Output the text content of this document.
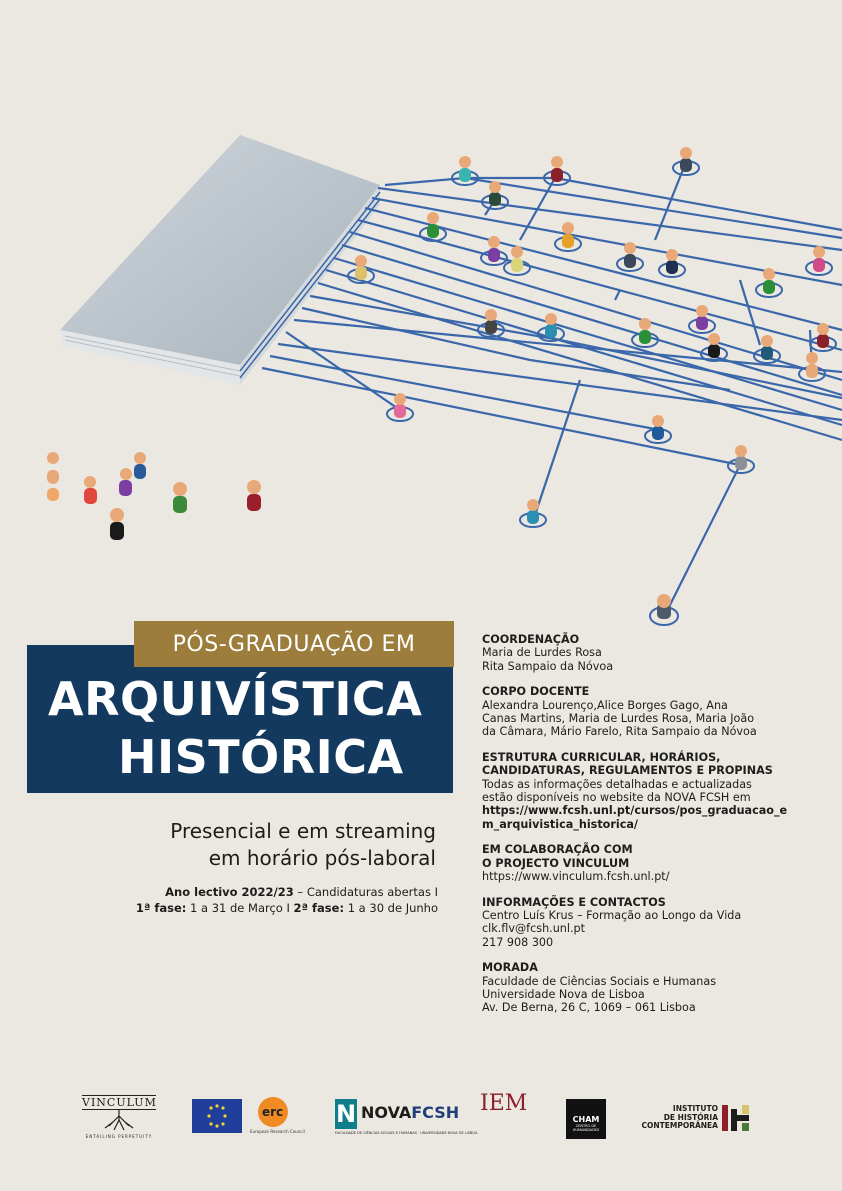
PÓS-GRADUAÇÃO EM
ARQUIVÍSTICA
HISTÓRICA
Presencial e em streaming
em horário pós-laboral
Ano lectivo 2022/23 – Candidaturas abertas I
1ª fase: 1 a 31 de Março I 2ª fase: 1 a 30 de Junho
COORDENAÇÃO
Maria de Lurdes Rosa
Rita Sampaio da Nóvoa
CORPO DOCENTE
Alexandra Lourenço,Alice Borges Gago, Ana
Canas Martins, Maria de Lurdes Rosa, Maria João
da Câmara, Mário Farelo, Rita Sampaio da Nóvoa
ESTRUTURA CURRICULAR, HORÁRIOS,
CANDIDATURAS, REGULAMENTOS E PROPINAS
Todas as informações detalhadas e actualizadas
estão disponíveis no website da NOVA FCSH em
https://www.fcsh.unl.pt/cursos/pos_graduacao_e
m_arquivistica_historica/
EM COLABORAÇÃO COM
O PROJECTO VINCULUM
https://www.vinculum.fcsh.unl.pt/
INFORMAÇÕES E CONTACTOS
Centro Luís Krus – Formação ao Longo da Vida
clk.flv@fcsh.unl.pt
217 908 300
MORADA
Faculdade de Ciências Sociais e Humanas
Universidade Nova de Lisboa
Av. De Berna, 26 C, 1069 – 061 Lisboa
VINCULUM
ENTAILING PERPETUITY
erc
European Research Council
N NOVAFCSH
FACULDADE DE CIÊNCIAS SOCIAIS E HUMANAS · UNIVERSIDADE NOVA DE LISBOA
IEM
CHAM
CENTRO DE HUMANIDADES
INSTITUTO
DE HISTÓRIA
CONTEMPORÂNEA
